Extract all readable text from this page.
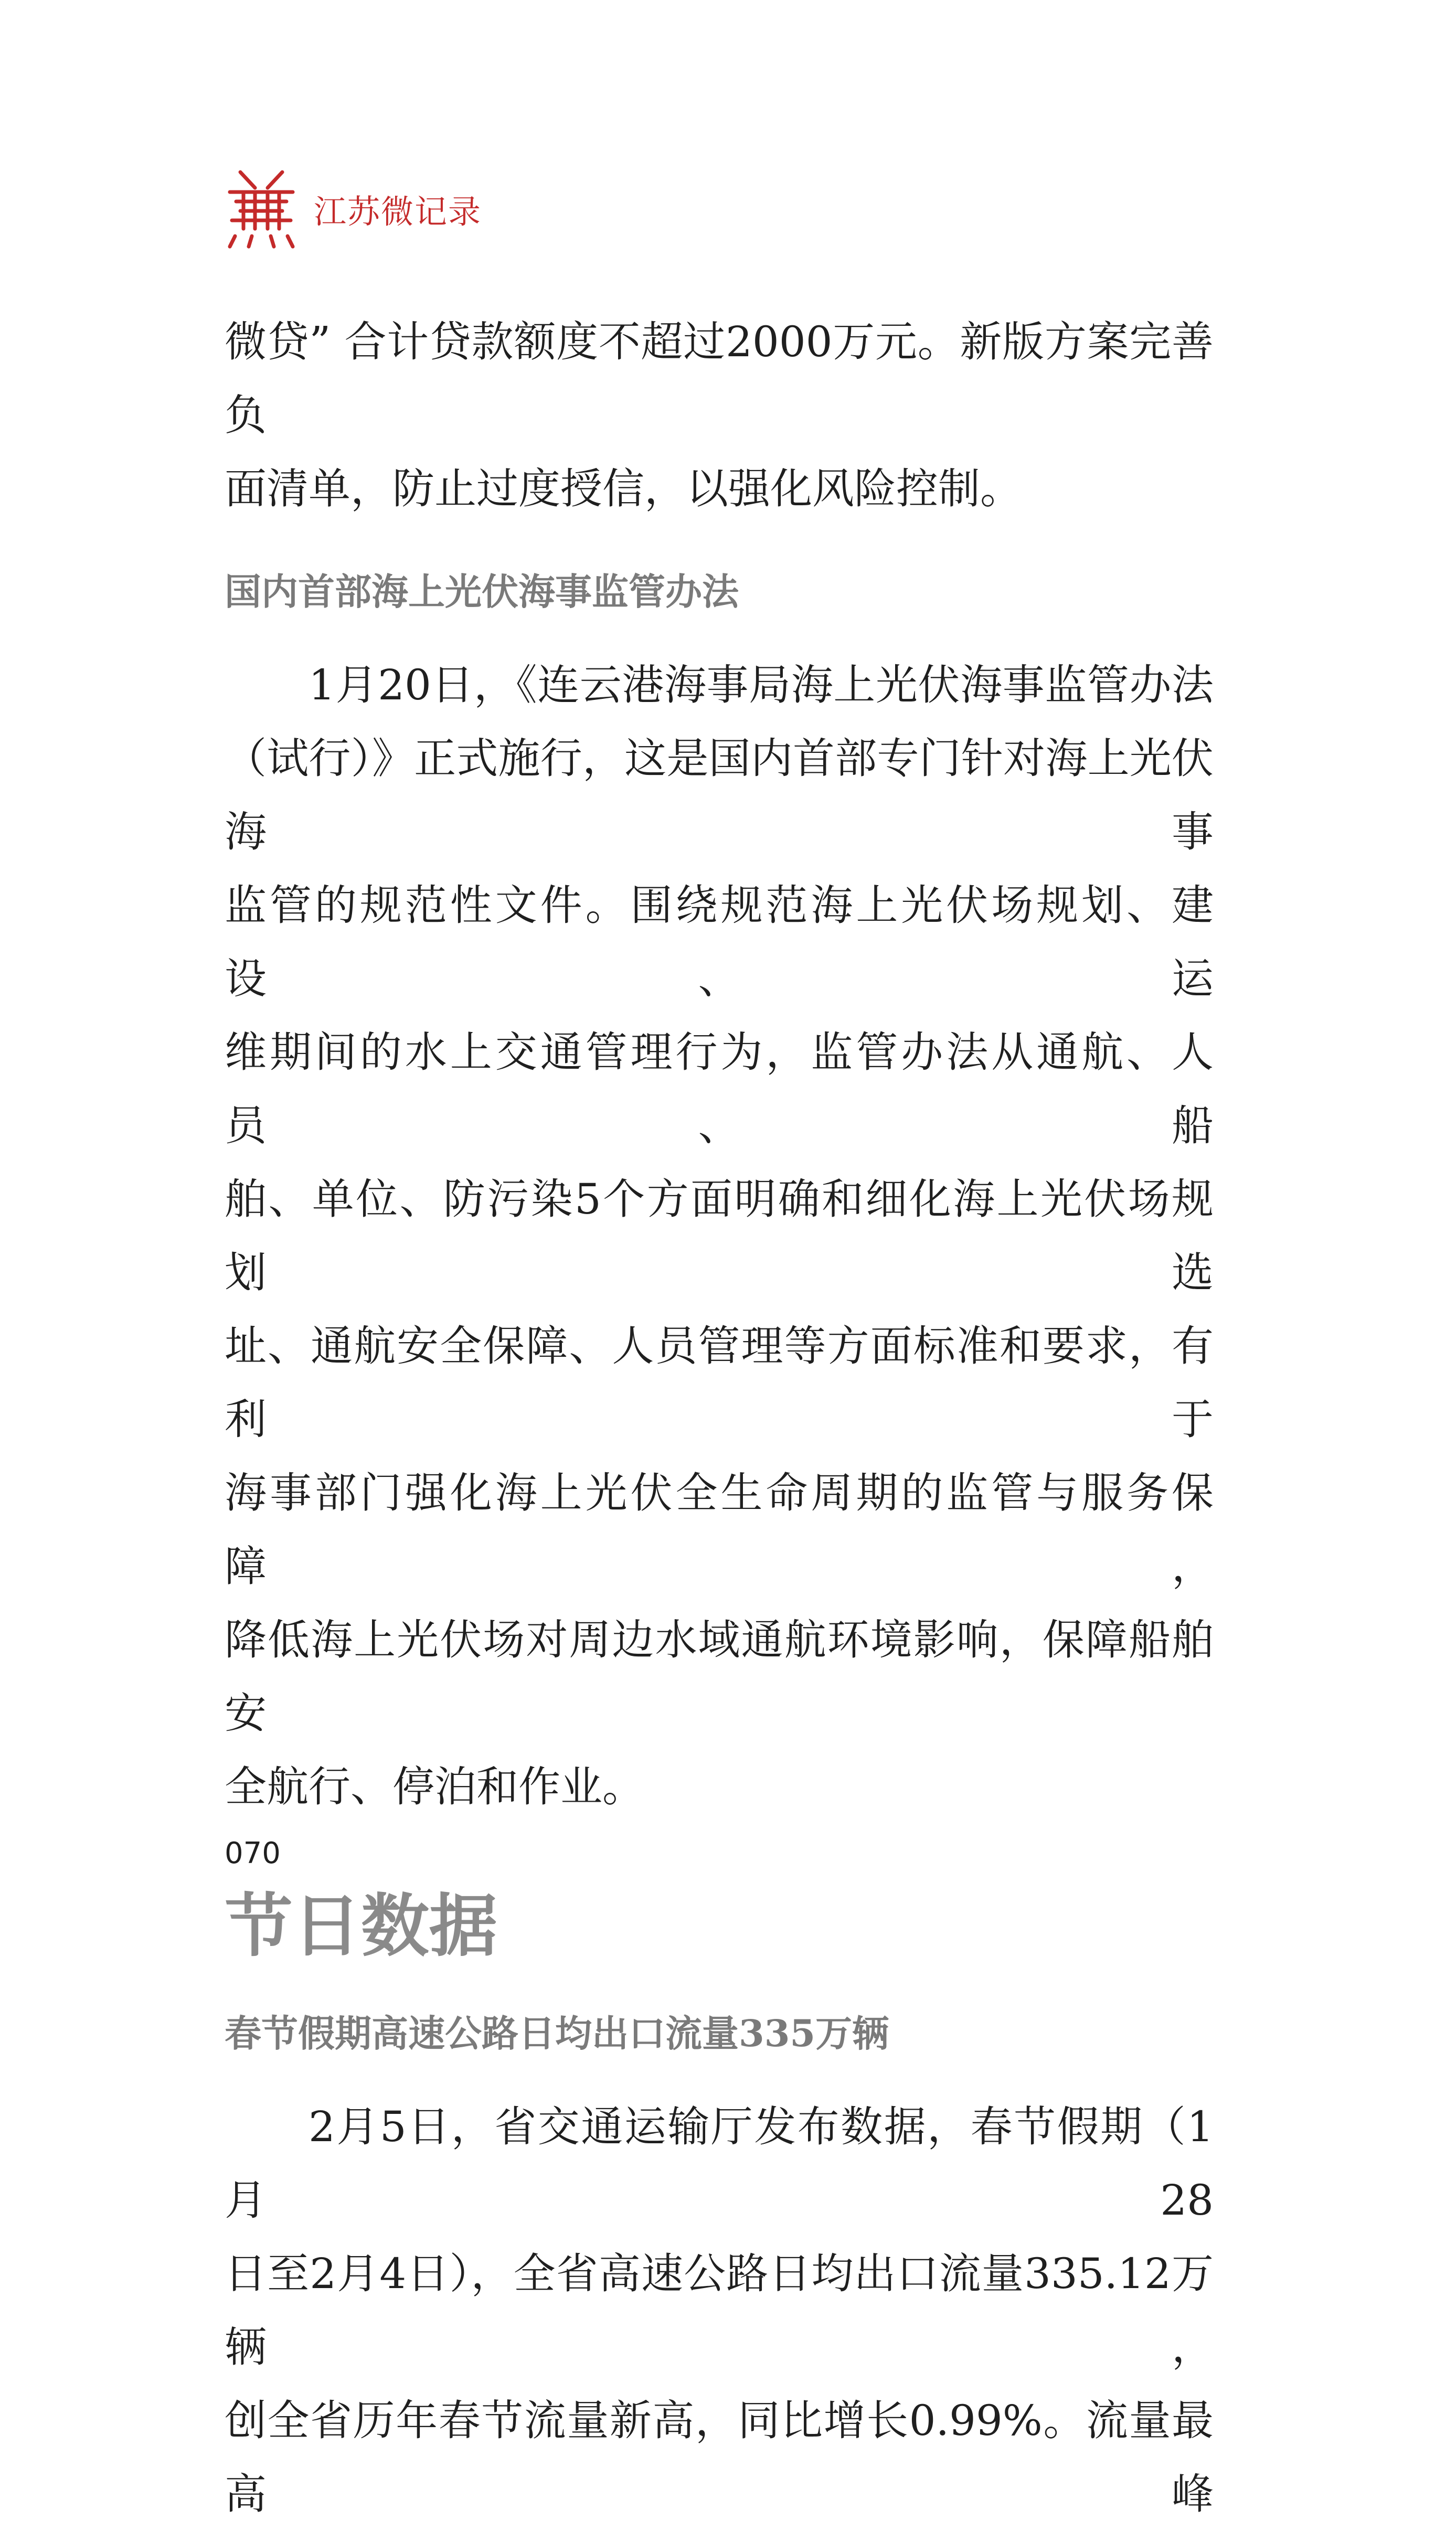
江苏微记录

微贷” 合计贷款额度不超过2000万元。新版方案完善负

面清单，防止过度授信，以强化风险控制。

国内首部海上光伏海事监管办法

1月20日，《连云港海事局海上光伏海事监管办法

（试行）》正式施行，这是国内首部专门针对海上光伏海事

监管的规范性文件。围绕规范海上光伏场规划、建设、运

维期间的水上交通管理行为，监管办法从通航、人员、船

舶、单位、防污染5个方面明确和细化海上光伏场规划选

址、通航安全保障、人员管理等方面标准和要求，有利于

海事部门强化海上光伏全生命周期的监管与服务保障，

降低海上光伏场对周边水域通航环境影响，保障船舶安

全航行、停泊和作业。

节日数据
春节假期高速公路日均出口流量335万辆

2月5日，省交通运输厅发布数据，春节假期（1月28

日至2月4日），全省高速公路日均出口流量335.12万辆，

创全省历年春节流量新高，同比增长0.99%。流量最高峰

070
